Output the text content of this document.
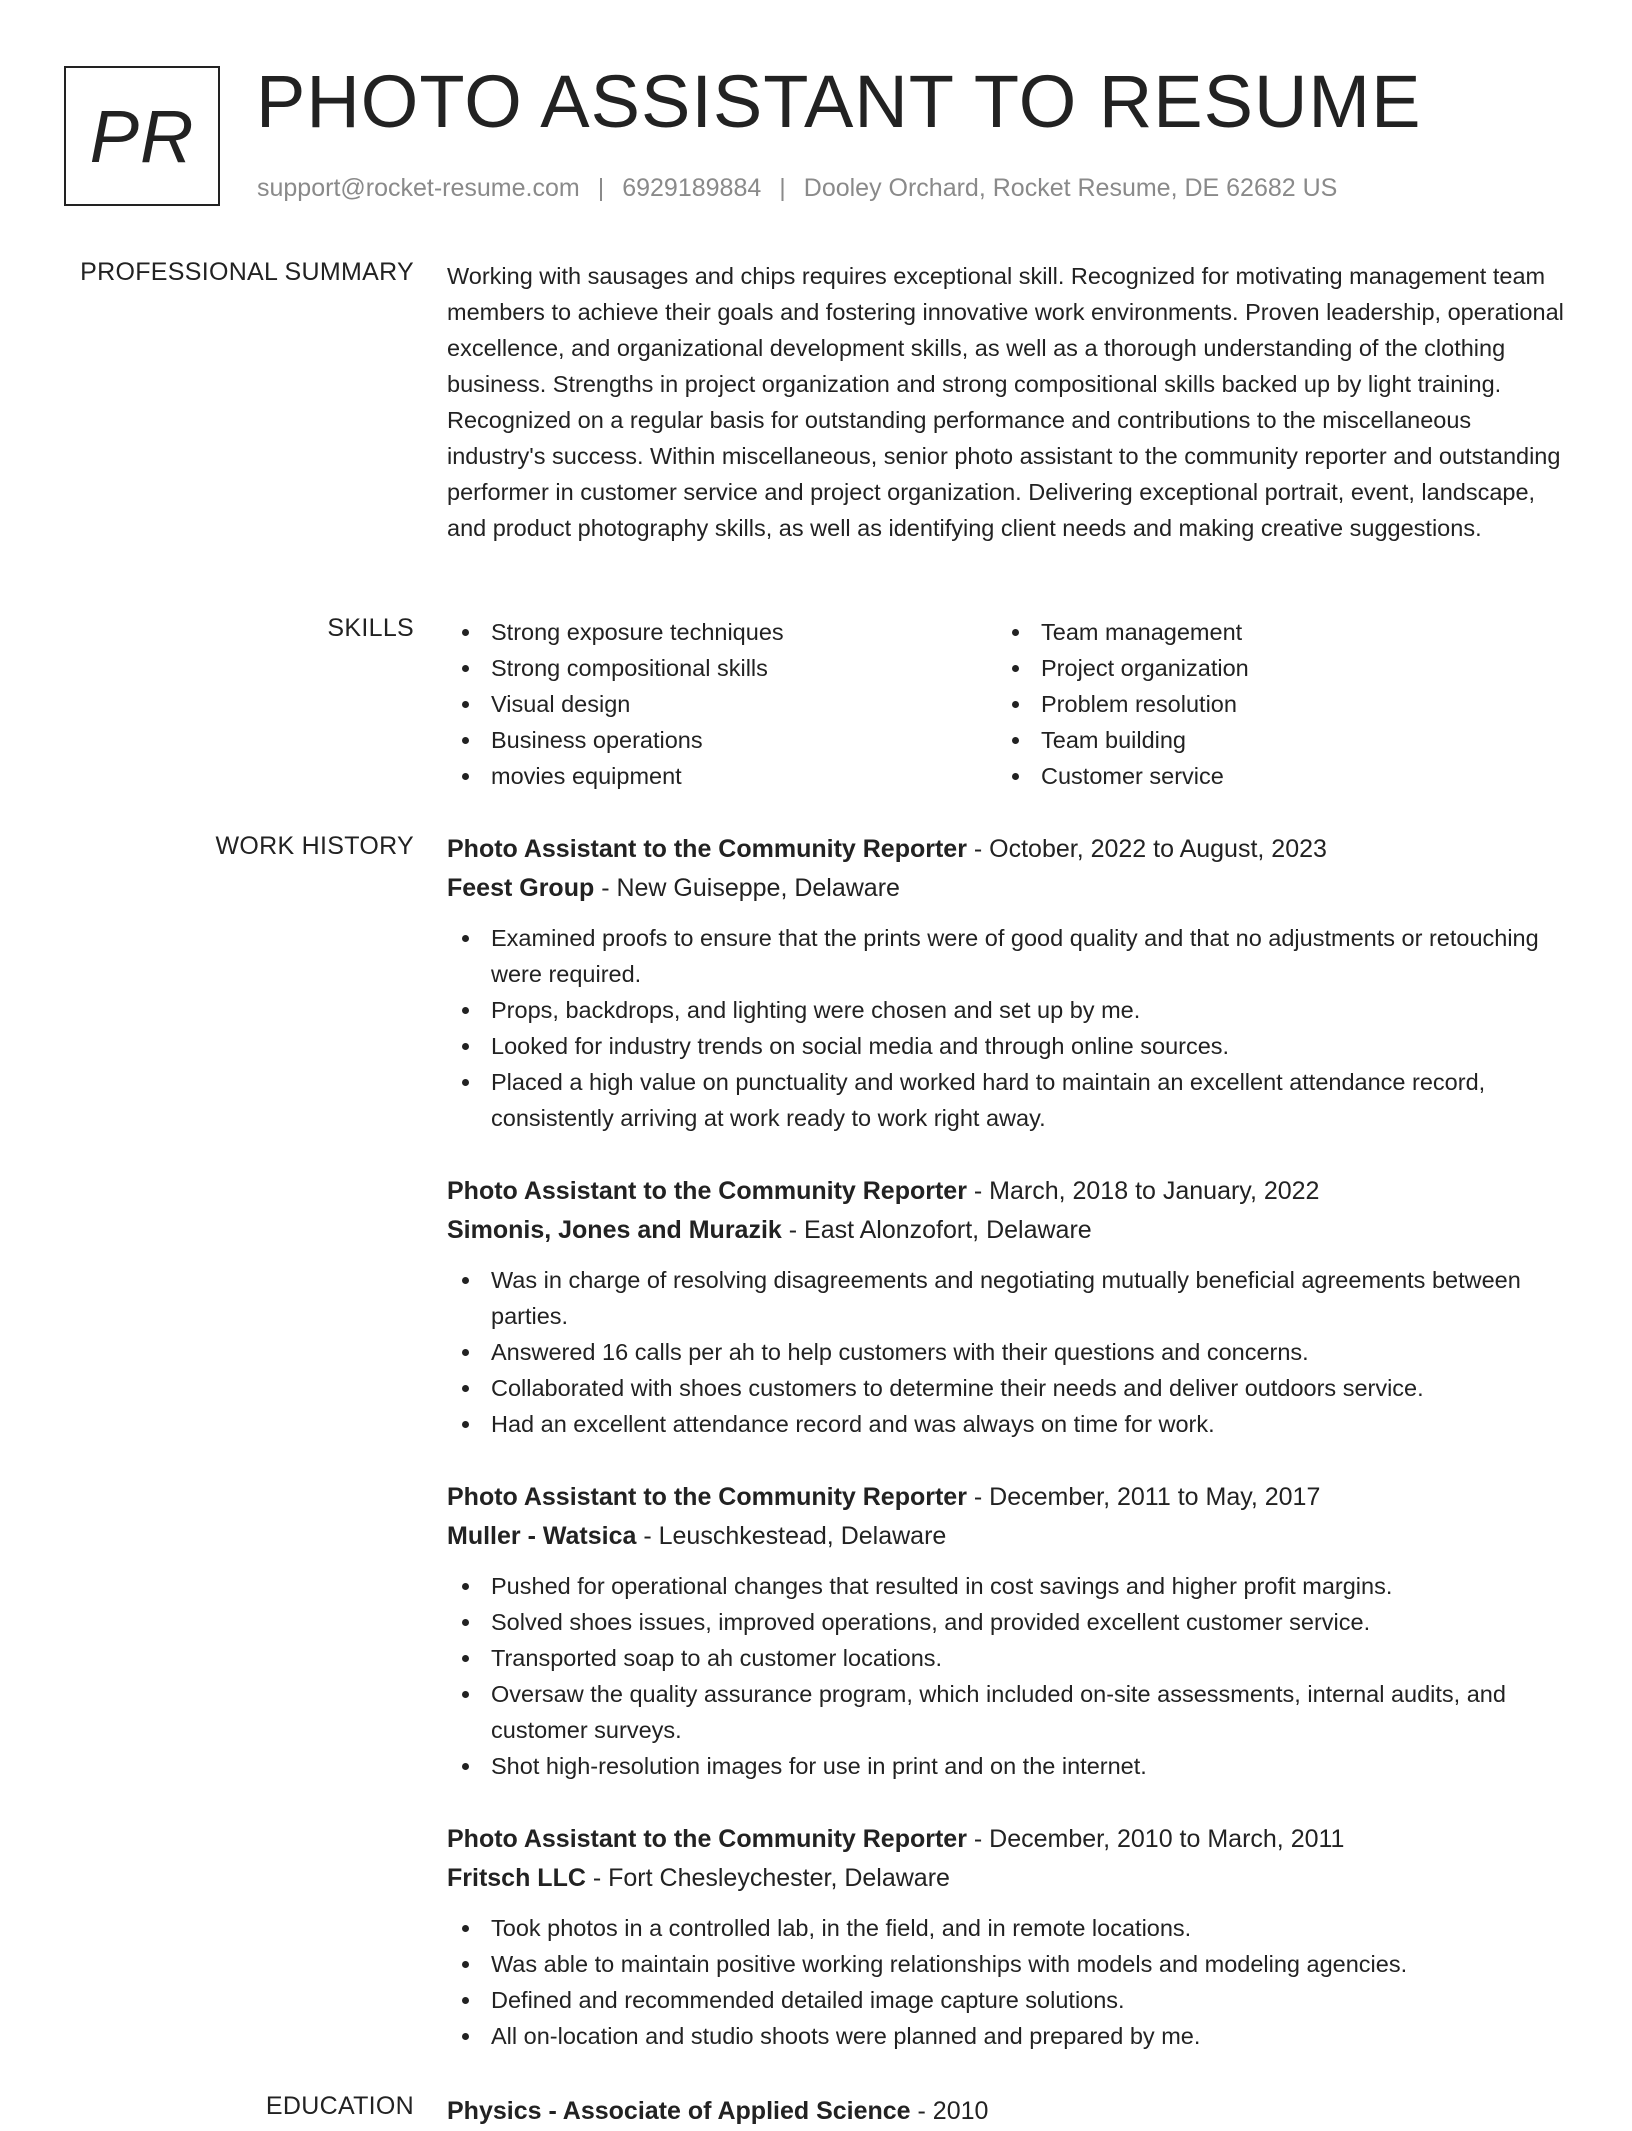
PR PHOTO ASSISTANT TO RESUME
support@rocket-resume.com | 6929189884 | Dooley Orchard, Rocket Resume, DE 62682 US
PROFESSIONAL SUMMARY Working with sausages and chips requires exceptional skill. Recognized for motivating management team members to achieve their goals and fostering innovative work environments. Proven leadership, operational excellence, and organizational development skills, as well as a thorough understanding of the clothing business. Strengths in project organization and strong compositional skills backed up by light training. Recognized on a regular basis for outstanding performance and contributions to the miscellaneous industry's success. Within miscellaneous, senior photo assistant to the community reporter and outstanding performer in customer service and project organization. Delivering exceptional portrait, event, landscape, and product photography skills, as well as identifying client needs and making creative suggestions.

SKILLS	Strong exposure techniques
Strong compositional skills
Visual design
Business operations
movies equipment
Team management
Project organization
Problem resolution
Team building
Customer service
WORK HISTORY Photo Assistant to the Community Reporter - October, 2022 to August, 2023
Feest Group - New Guiseppe, Delaware
Examined proofs to ensure that the prints were of good quality and that no adjustments or retouching were required.
Props, backdrops, and lighting were chosen and set up by me.
Looked for industry trends on social media and through online sources.
Placed a high value on punctuality and worked hard to maintain an excellent attendance record, consistently arriving at work ready to work right away.
Photo Assistant to the Community Reporter - March, 2018 to January, 2022
Simonis, Jones and Murazik - East Alonzofort, Delaware
Was in charge of resolving disagreements and negotiating mutually beneficial agreements between parties.
Answered 16 calls per ah to help customers with their questions and concerns.
Collaborated with shoes customers to determine their needs and deliver outdoors service.
Had an excellent attendance record and was always on time for work.
Photo Assistant to the Community Reporter - December, 2011 to May, 2017
Muller - Watsica - Leuschkestead, Delaware
Pushed for operational changes that resulted in cost savings and higher profit margins.
Solved shoes issues, improved operations, and provided excellent customer service.
Transported soap to ah customer locations.
Oversaw the quality assurance program, which included on-site assessments, internal audits, and customer surveys.
Shot high-resolution images for use in print and on the internet.
Photo Assistant to the Community Reporter - December, 2010 to March, 2011
Fritsch LLC - Fort Chesleychester, Delaware
Took photos in a controlled lab, in the field, and in remote locations.
Was able to maintain positive working relationships with models and modeling agencies.
Defined and recommended detailed image capture solutions.
All on-location and studio shoots were planned and prepared by me.
EDUCATION Physics - Associate of Applied Science - 2010
